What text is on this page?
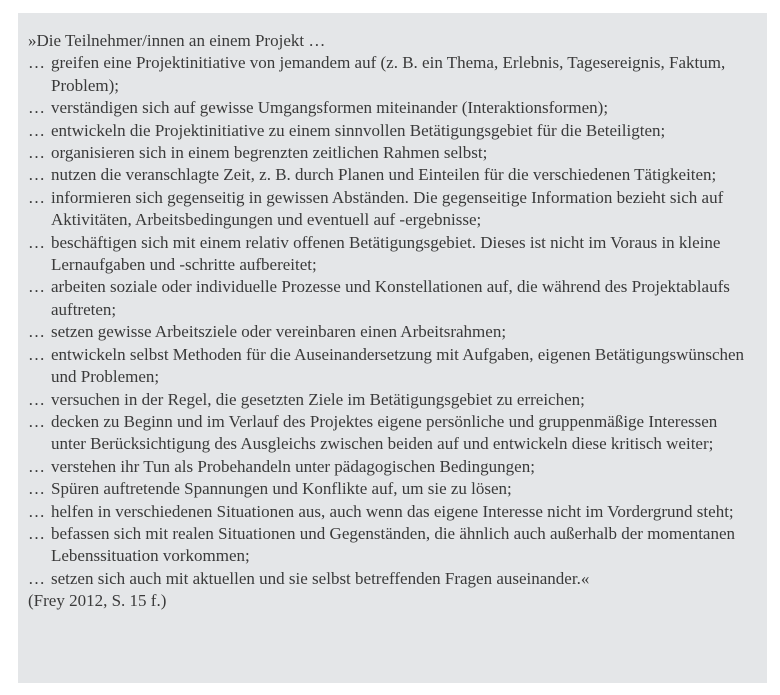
»Die Teilnehmer/innen an einem Projekt …

… greifen eine Projektinitiative von jemandem auf (z. B. ein Thema, Erlebnis, Tagesereignis, Faktum, Problem);
… verständigen sich auf gewisse Umgangsformen miteinander (Interaktionsformen);
… entwickeln die Projektinitiative zu einem sinnvollen Betätigungsgebiet für die Beteiligten;
… organisieren sich in einem begrenzten zeitlichen Rahmen selbst;
… nutzen die veranschlagte Zeit, z. B. durch Planen und Einteilen für die verschiedenen Tätigkeiten;
… informieren sich gegenseitig in gewissen Abständen. Die gegenseitige Information bezieht sich auf Aktivitäten, Arbeitsbedingungen und eventuell auf -ergebnisse;
… beschäftigen sich mit einem relativ offenen Betätigungsgebiet. Dieses ist nicht im Voraus in kleine Lernaufgaben und -schritte aufbereitet;
… arbeiten soziale oder individuelle Prozesse und Konstellationen auf, die während des Projektablaufs auftreten;
… setzen gewisse Arbeitsziele oder vereinbaren einen Arbeitsrahmen;
… entwickeln selbst Methoden für die Auseinandersetzung mit Aufgaben, eigenen Betätigungswünschen und Problemen;
… versuchen in der Regel, die gesetzten Ziele im Betätigungsgebiet zu erreichen;
… decken zu Beginn und im Verlauf des Projektes eigene persönliche und gruppenmäßige Interessen unter Berücksichtigung des Ausgleichs zwischen beiden auf und entwickeln diese kritisch weiter;
… verstehen ihr Tun als Probehandeln unter pädagogischen Bedingungen;
… Spüren auftretende Spannungen und Konflikte auf, um sie zu lösen;
… helfen in verschiedenen Situationen aus, auch wenn das eigene Interesse nicht im Vordergrund steht;
… befassen sich mit realen Situationen und Gegenständen, die ähnlich auch außerhalb der momentanen Lebenssituation vorkommen;
… setzen sich auch mit aktuellen und sie selbst betreffenden Fragen auseinander.«

(Frey 2012, S. 15 f.)
